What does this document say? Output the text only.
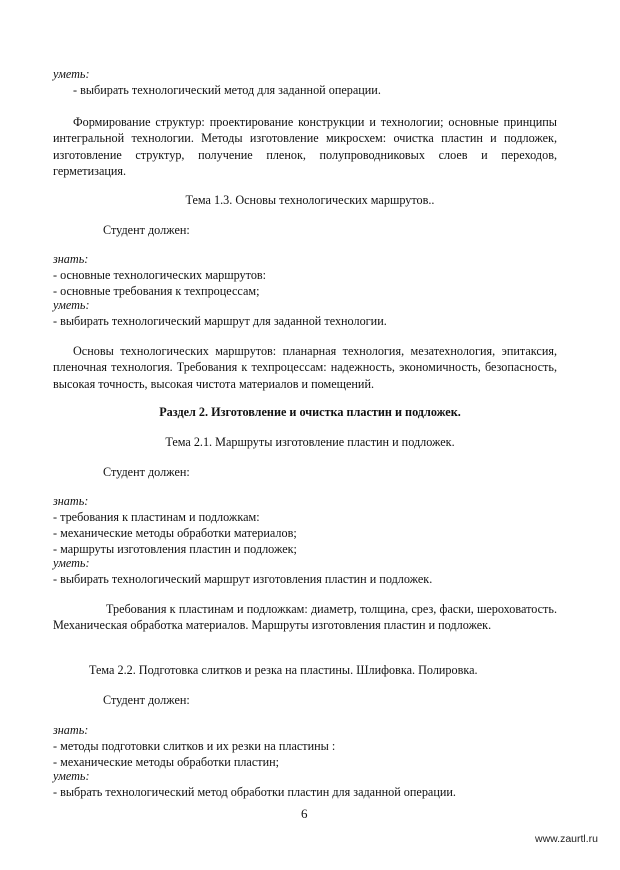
уметь:
- выбирать технологический метод для заданной операции.
Формирование структур: проектирование конструкции и технологии; основные принципы интегральной технологии. Методы изготовление микросхем: очистка пластин и подложек, изготовление структур, получение пленок, полупроводниковых слоев и переходов, герметизация.
Тема 1.3. Основы технологических маршрутов..
Студент должен:
знать:
- основные технологических маршрутов:
- основные требования к техпроцессам;
уметь:
- выбирать технологический маршрут для заданной технологии.
Основы технологических маршрутов: планарная технология, мезатехнология, эпитаксия, пленочная технология. Требования к техпроцессам: надежность, экономичность, безопасность, высокая точность, высокая чистота материалов и помещений.
Раздел 2. Изготовление и очистка пластин и подложек.
Тема 2.1. Маршруты изготовление пластин и подложек.
Студент должен:
знать:
- требования к пластинам и подложкам:
- механические методы обработки материалов;
- маршруты изготовления пластин и подложек;
уметь:
- выбирать технологический маршрут изготовления пластин и подложек.
Требования к пластинам и подложкам: диаметр, толщина, срез, фаски, шероховатость. Механическая обработка материалов. Маршруты изготовления пластин и подложек.
Тема 2.2. Подготовка слитков и резка на пластины. Шлифовка. Полировка.
Студент должен:
знать:
- методы подготовки слитков и их резки на пластины :
- механические методы обработки пластин;
уметь:
- выбрать технологический метод обработки пластин для заданной операции.
6
www.zaurtl.ru
